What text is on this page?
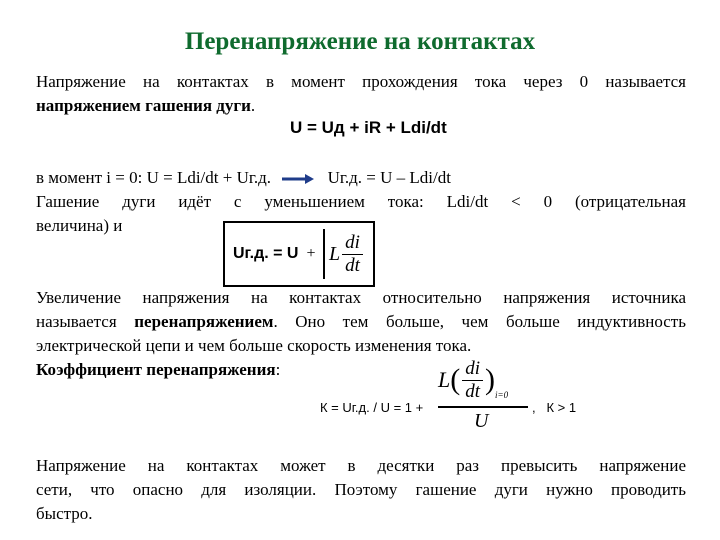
Перенапряжение на контактах
Напряжение на контактах в момент прохождения тока через 0 называется
напряжением гашения дуги.
U = Uд + iR + Ldi/dt
в момент i = 0: U = Ldi/dt + Uг.д.	Uг.д. = U – Ldi/dt
Гашение дуги идёт с уменьшением тока: Ldi/dt < 0 (отрицательная
величина) и
Uг.д. = U + L $\frac{di}{dt}$
Увеличение напряжения на контактах относительно напряжения источника
называется перенапряжением. Оно тем больше, чем больше индуктивность
электрической цепи и чем больше скорость изменения тока.
Коэффициент перенапряжения:
К = Uг.д. / U = 1 +
L ( $\frac{di}{dt}$ ) i=0
U
,   К > 1
Напряжение на контактах может в десятки раз превысить напряжение
сети, что опасно для изоляции. Поэтому гашение дуги нужно проводить
быстро.
